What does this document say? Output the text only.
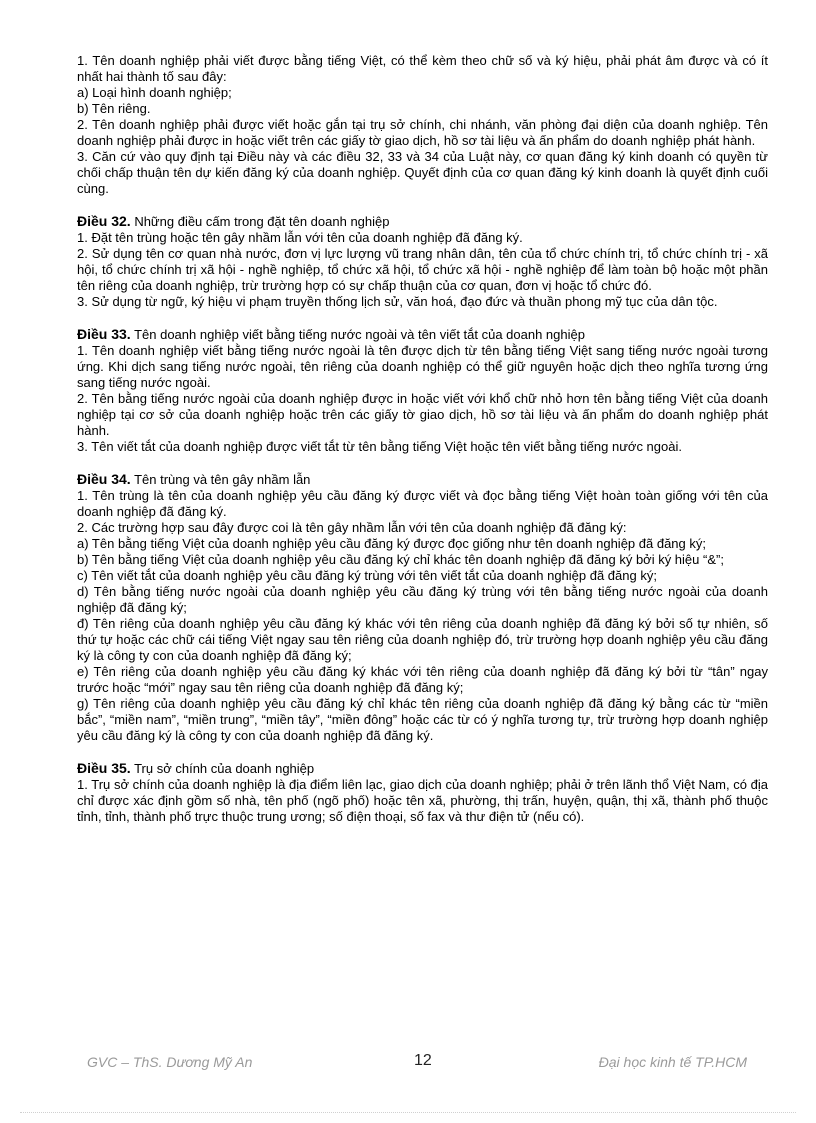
1. Tên doanh nghiệp phải viết được bằng tiếng Việt, có thể kèm theo chữ số và ký hiệu, phải phát âm được và có ít nhất hai thành tố sau đây:

a) Loại hình doanh nghiệp;

b) Tên riêng.

2. Tên doanh nghiệp phải được viết hoặc gắn tại trụ sở chính, chi nhánh, văn phòng đại diện của doanh nghiệp. Tên doanh nghiệp phải được in hoặc viết trên các giấy tờ giao dịch, hồ sơ tài liệu và ấn phẩm do doanh nghiệp phát hành.

3. Căn cứ vào quy định tại Điều này và các điều 32, 33 và 34 của Luật này, cơ quan đăng ký kinh doanh có quyền từ chối chấp thuận tên dự kiến đăng ký của doanh nghiệp. Quyết định của cơ quan đăng ký kinh doanh là quyết định cuối cùng.

Điều 32. Những điều cấm trong đặt tên doanh nghiệp

1. Đặt tên trùng hoặc tên gây nhầm lẫn với tên của doanh nghiệp đã đăng ký.

2. Sử dụng tên cơ quan nhà nước, đơn vị lực lượng vũ trang nhân dân, tên của tổ chức chính trị, tổ chức chính trị - xã hội, tổ chức chính trị xã hội - nghề nghiệp, tổ chức xã hội, tổ chức xã hội - nghề nghiệp để làm toàn bộ hoặc một phần tên riêng của doanh nghiệp, trừ trường hợp có sự chấp thuận của cơ quan, đơn vị hoặc tổ chức đó.

3. Sử dụng từ ngữ, ký hiệu vi phạm truyền thống lịch sử, văn hoá, đạo đức và thuần phong mỹ tục của dân tộc.

Điều 33. Tên doanh nghiệp viết bằng tiếng nước ngoài và tên viết tắt của doanh nghiệp

1. Tên doanh nghiệp viết bằng tiếng nước ngoài là tên được dịch từ tên bằng tiếng Việt sang tiếng nước ngoài tương ứng. Khi dịch sang tiếng nước ngoài, tên riêng của doanh nghiệp có thể giữ nguyên hoặc dịch theo nghĩa tương ứng sang tiếng nước ngoài.

2. Tên bằng tiếng nước ngoài của doanh nghiệp được in hoặc viết với khổ chữ nhỏ hơn tên bằng tiếng Việt của doanh nghiệp tại cơ sở của doanh nghiệp hoặc trên các giấy tờ giao dịch, hồ sơ tài liệu và ấn phẩm do doanh nghiệp phát hành.

3. Tên viết tắt của doanh nghiệp được viết tắt từ tên bằng tiếng Việt hoặc tên viết bằng tiếng nước ngoài.

Điều 34. Tên trùng và tên gây nhầm lẫn

1. Tên trùng là tên của doanh nghiệp yêu cầu đăng ký được viết và đọc bằng tiếng Việt hoàn toàn giống với tên của doanh nghiệp đã đăng ký.

2. Các trường hợp sau đây được coi là tên gây nhầm lẫn với tên của doanh nghiệp đã đăng ký:

a) Tên bằng tiếng Việt của doanh nghiệp yêu cầu đăng ký được đọc giống như tên doanh nghiệp đã đăng ký;

b) Tên bằng tiếng Việt của doanh nghiệp yêu cầu đăng ký chỉ khác tên doanh nghiệp đã đăng ký bởi ký hiệu “&”;

c) Tên viết tắt của doanh nghiệp yêu cầu đăng ký trùng với tên viết tắt của doanh nghiệp đã đăng ký;

d) Tên bằng tiếng nước ngoài của doanh nghiệp yêu cầu đăng ký trùng với tên bằng tiếng nước ngoài của doanh nghiệp đã đăng ký;

đ) Tên riêng của doanh nghiệp yêu cầu đăng ký khác với tên riêng của doanh nghiệp đã đăng ký bởi số tự nhiên, số thứ tự hoặc các chữ cái tiếng Việt ngay sau tên riêng của doanh nghiệp đó, trừ trường hợp doanh nghiệp yêu cầu đăng ký là công ty con của doanh nghiệp đã đăng ký;

e) Tên riêng của doanh nghiệp yêu cầu đăng ký khác với tên riêng của doanh nghiệp đã đăng ký bởi từ “tân” ngay trước hoặc “mới” ngay sau tên riêng của doanh nghiệp đã đăng ký;

g) Tên riêng của doanh nghiệp yêu cầu đăng ký chỉ khác tên riêng của doanh nghiệp đã đăng ký bằng các từ “miền bắc”, “miền nam”, “miền trung”, “miền tây”, “miền đông” hoặc các từ có ý nghĩa tương tự, trừ trường hợp doanh nghiệp yêu cầu đăng ký là công ty con của doanh nghiệp đã đăng ký.

Điều 35. Trụ sở chính của doanh nghiệp

1. Trụ sở chính của doanh nghiệp là địa điểm liên lạc, giao dịch của doanh nghiệp; phải ở trên lãnh thổ Việt Nam, có địa chỉ được xác định gồm số nhà, tên phố (ngõ phố) hoặc tên xã, phường, thị trấn, huyện, quận, thị xã, thành phố thuộc tỉnh, tỉnh, thành phố trực thuộc trung ương; số điện thoại, số fax và thư điện tử (nếu có).

GVC – ThS. Dương Mỹ An	12	Đại học kinh tế TP.HCM
